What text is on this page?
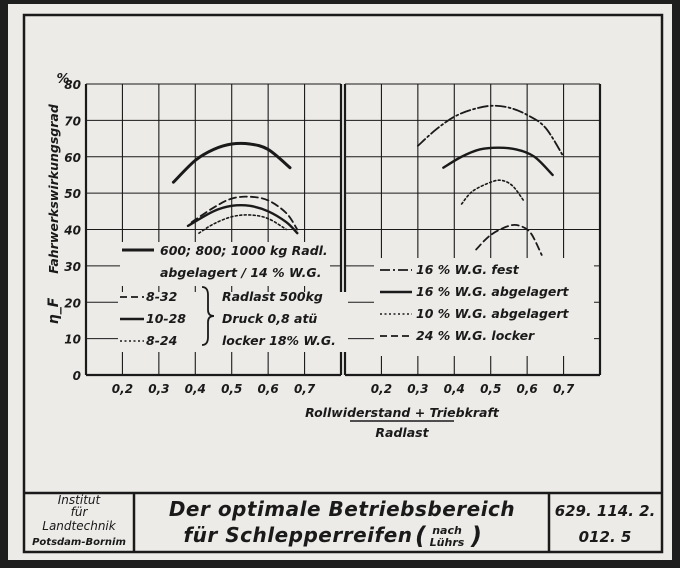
0,2 0,3 0,4 0,5 0,6 0,7	0,2 0,3 0,4 0,5 0,6 0,7
0
10
20
30
40
50
60
70
80
600; 800; 1000 kg Radl.
abgelagert / 14 % W.G.
8-32
10-28
8-24
Radlast 500kg
Druck 0,8 atü
locker 18% W.G.
16 % W.G. fest
16 % W.G. abgelagert
10 % W.G. abgelagert
24 % W.G. locker
%
η_F
Fahrwerkswirkungsgrad
Rollwiderstand + Triebkraft
Radlast
Institut
für
Landtechnik
Potsdam-Bornim
Der optimale Betriebsbereich
für Schlepperreifen ( nach
Lührs )
629. 114. 2.
012. 5
